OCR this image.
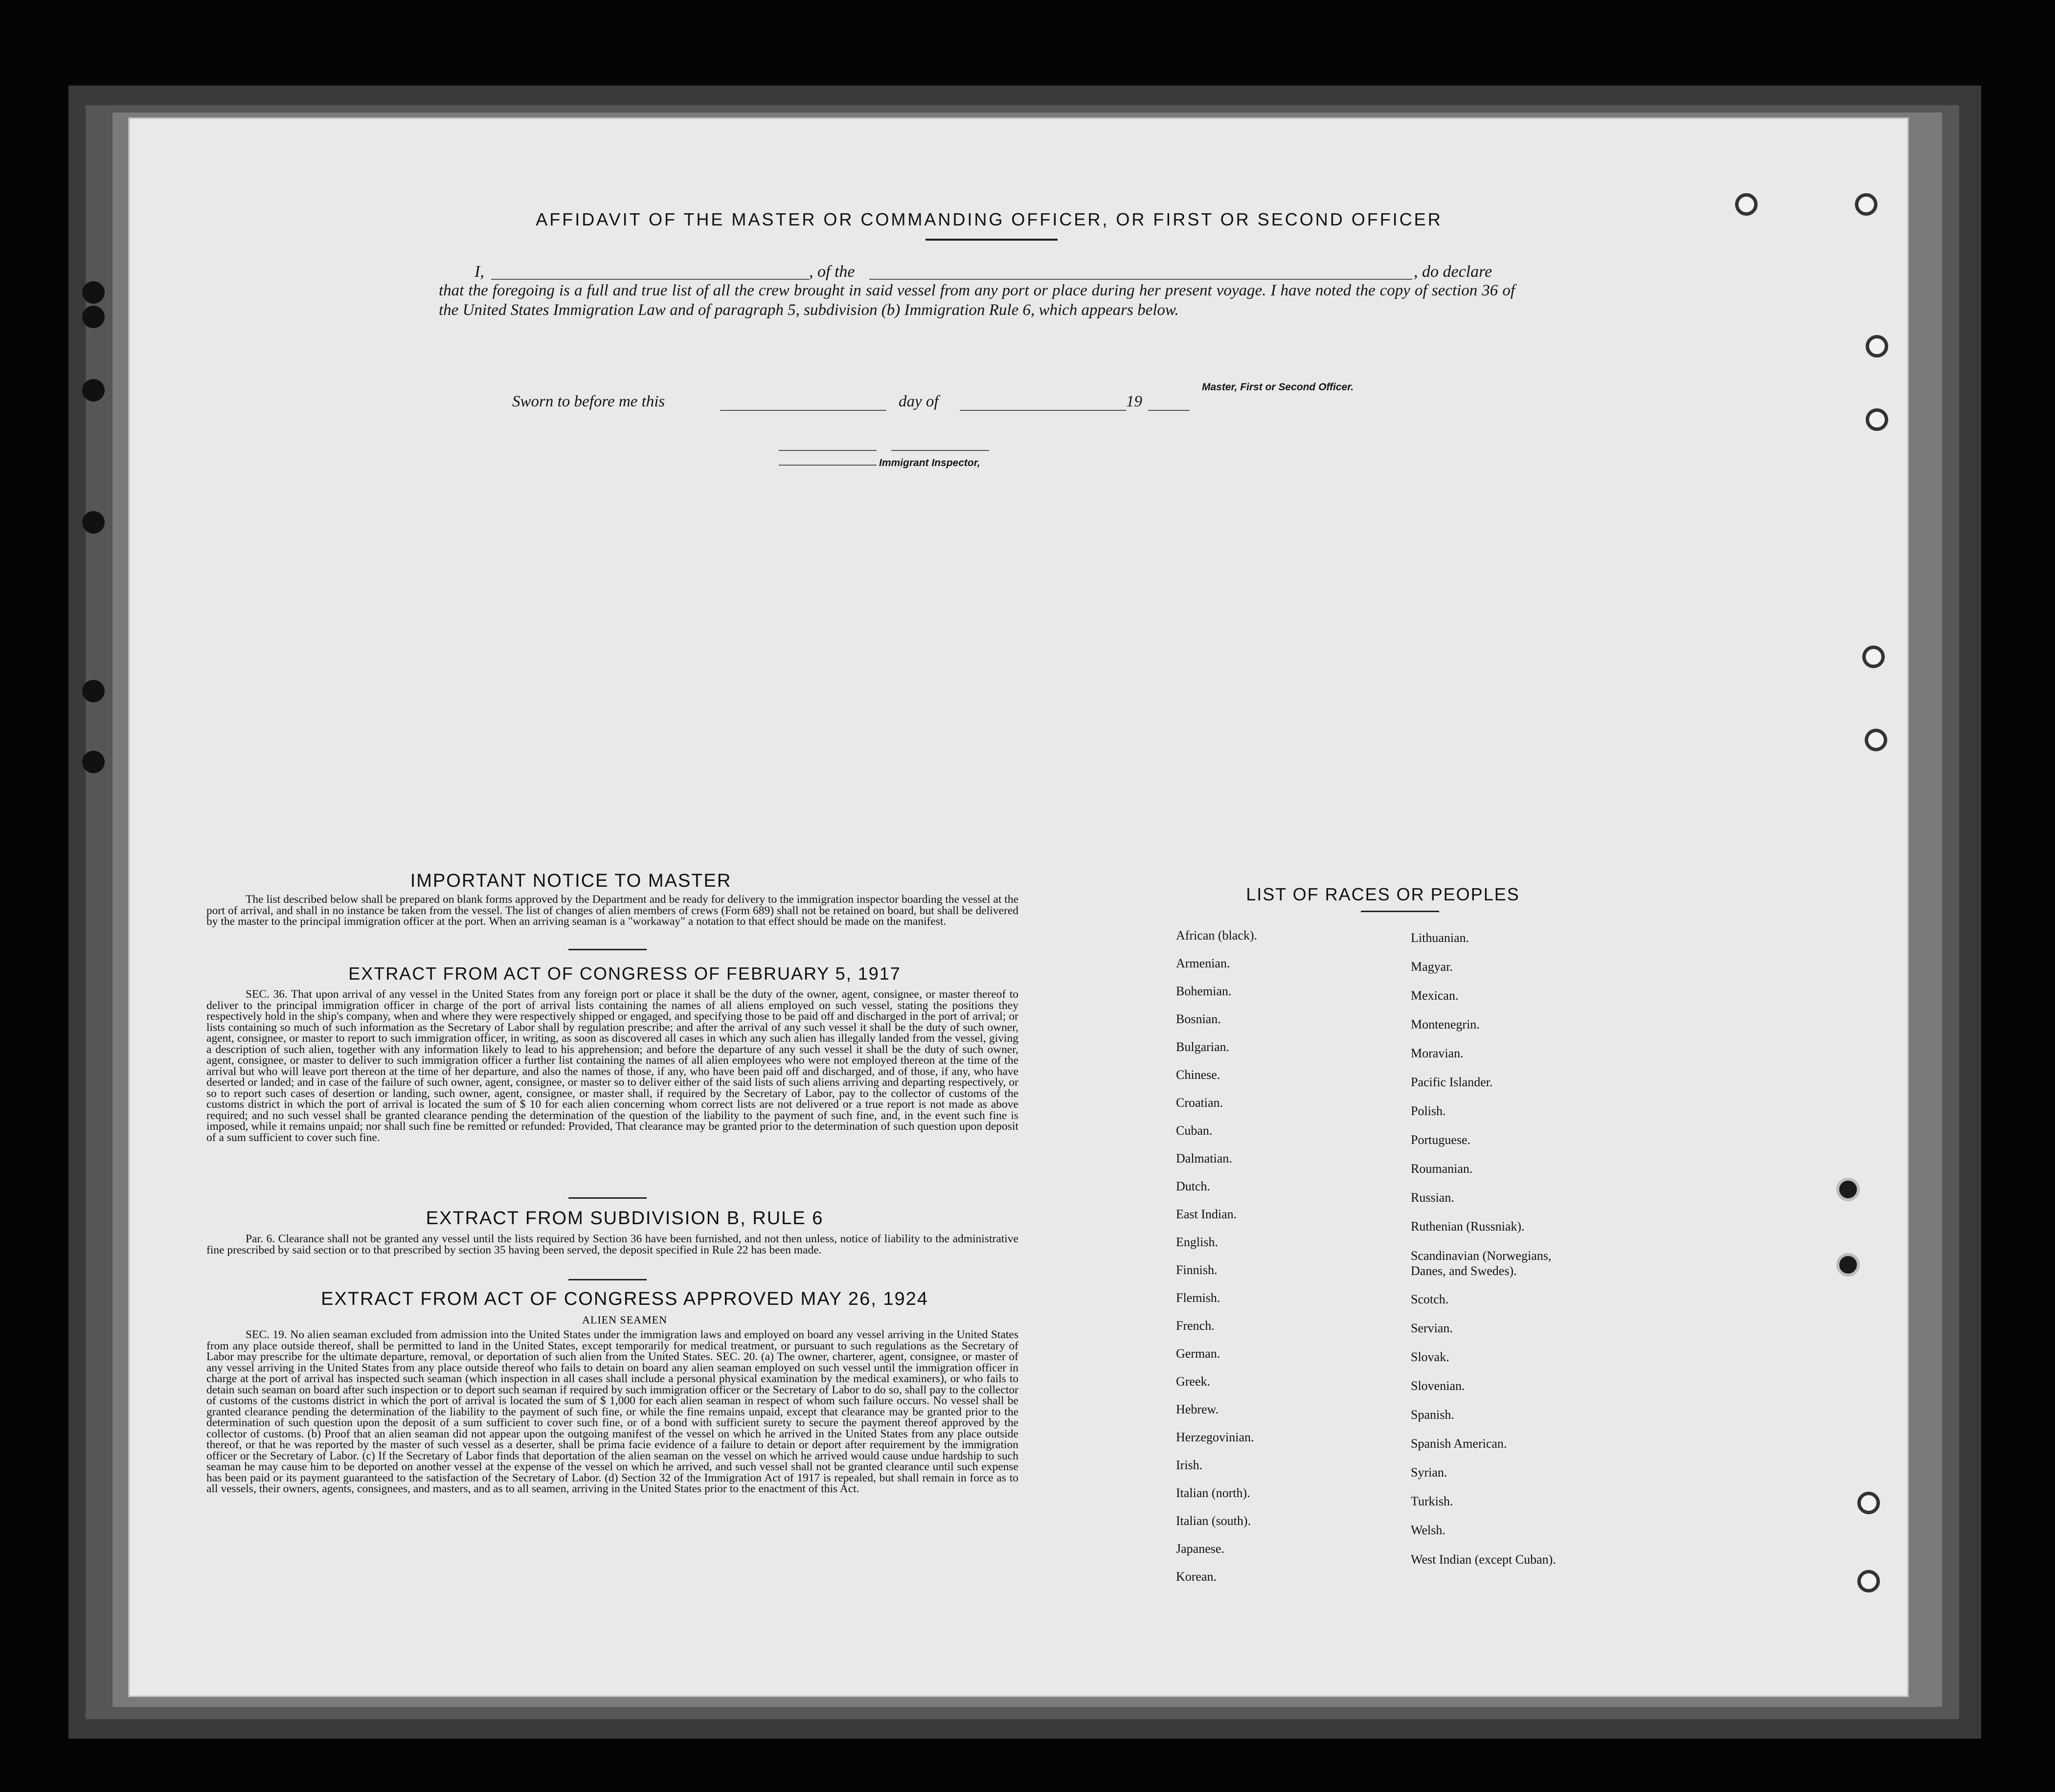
AFFIDAVIT OF THE MASTER OR COMMANDING OFFICER, OR FIRST OR SECOND OFFICER
I,	, of the	, do declare
that the foregoing is a full and true list of all the crew brought in said vessel from any port or place during her present voyage. I have noted the copy of section 36 of the United States Immigration Law and of paragraph 5, subdivision (b) Immigration Rule 6, which appears below.
Master, First or Second Officer.
Sworn to before me this	day of	19
Immigrant Inspector,
IMPORTANT NOTICE TO MASTER
The list described below shall be prepared on blank forms approved by the Department and be ready for delivery to the immigration inspector boarding the vessel at the port of arrival, and shall in no instance be taken from the vessel. The list of changes of alien members of crews (Form 689) shall not be retained on board, but shall be delivered by the master to the principal immigration officer at the port. When an arriving seaman is a "workaway" a notation to that effect should be made on the manifest.
EXTRACT FROM ACT OF CONGRESS OF FEBRUARY 5, 1917
SEC. 36. That upon arrival of any vessel in the United States from any foreign port or place it shall be the duty of the owner, agent, consignee, or master thereof to deliver to the principal immigration officer in charge of the port of arrival lists containing the names of all aliens employed on such vessel, stating the positions they respectively hold in the ship's company, when and where they were respectively shipped or engaged, and specifying those to be paid off and discharged in the port of arrival; or lists containing so much of such information as the Secretary of Labor shall by regulation prescribe; and after the arrival of any such vessel it shall be the duty of such owner, agent, consignee, or master to report to such immigration officer, in writing, as soon as discovered all cases in which any such alien has illegally landed from the vessel, giving a description of such alien, together with any information likely to lead to his apprehension; and before the departure of any such vessel it shall be the duty of such owner, agent, consignee, or master to deliver to such immigration officer a further list containing the names of all alien employees who were not employed thereon at the time of the arrival but who will leave port thereon at the time of her departure, and also the names of those, if any, who have been paid off and discharged, and of those, if any, who have deserted or landed; and in case of the failure of such owner, agent, consignee, or master so to deliver either of the said lists of such aliens arriving and departing respectively, or so to report such cases of desertion or landing, such owner, agent, consignee, or master shall, if required by the Secretary of Labor, pay to the collector of customs of the customs district in which the port of arrival is located the sum of $ 10 for each alien concerning whom correct lists are not delivered or a true report is not made as above required; and no such vessel shall be granted clearance pending the determination of the question of the liability to the payment of such fine, and, in the event such fine is imposed, while it remains unpaid; nor shall such fine be remitted or refunded: Provided, That clearance may be granted prior to the determination of such question upon deposit of a sum sufficient to cover such fine.
EXTRACT FROM SUBDIVISION B, RULE 6
Par. 6. Clearance shall not be granted any vessel until the lists required by Section 36 have been furnished, and not then unless, notice of liability to the administrative fine prescribed by said section or to that prescribed by section 35 having been served, the deposit specified in Rule 22 has been made.
EXTRACT FROM ACT OF CONGRESS APPROVED MAY 26, 1924
ALIEN SEAMEN
SEC. 19. No alien seaman excluded from admission into the United States under the immigration laws and employed on board any vessel arriving in the United States from any place outside thereof, shall be permitted to land in the United States, except temporarily for medical treatment, or pursuant to such regulations as the Secretary of Labor may prescribe for the ultimate departure, removal, or deportation of such alien from the United States. SEC. 20. (a) The owner, charterer, agent, consignee, or master of any vessel arriving in the United States from any place outside thereof who fails to detain on board any alien seaman employed on such vessel until the immigration officer in charge at the port of arrival has inspected such seaman (which inspection in all cases shall include a personal physical examination by the medical examiners), or who fails to detain such seaman on board after such inspection or to deport such seaman if required by such immigration officer or the Secretary of Labor to do so, shall pay to the collector of customs of the customs district in which the port of arrival is located the sum of $ 1,000 for each alien seaman in respect of whom such failure occurs. No vessel shall be granted clearance pending the determination of the liability to the payment of such fine, or while the fine remains unpaid, except that clearance may be granted prior to the determination of such question upon the deposit of a sum sufficient to cover such fine, or of a bond with sufficient surety to secure the payment thereof approved by the collector of customs. (b) Proof that an alien seaman did not appear upon the outgoing manifest of the vessel on which he arrived in the United States from any place outside thereof, or that he was reported by the master of such vessel as a deserter, shall be prima facie evidence of a failure to detain or deport after requirement by the immigration officer or the Secretary of Labor. (c) If the Secretary of Labor finds that deportation of the alien seaman on the vessel on which he arrived would cause undue hardship to such seaman he may cause him to be deported on another vessel at the expense of the vessel on which he arrived, and such vessel shall not be granted clearance until such expense has been paid or its payment guaranteed to the satisfaction of the Secretary of Labor. (d) Section 32 of the Immigration Act of 1917 is repealed, but shall remain in force as to all vessels, their owners, agents, consignees, and masters, and as to all seamen, arriving in the United States prior to the enactment of this Act.
LIST OF RACES OR PEOPLES
African (black).
Armenian.
Bohemian.
Bosnian.
Bulgarian.
Chinese.
Croatian.
Cuban.
Dalmatian.
Dutch.
East Indian.
English.
Finnish.
Flemish.
French.
German.
Greek.
Hebrew.
Herzegovinian.
Irish.
Italian (north).
Italian (south).
Japanese.
Korean.
Lithuanian.
Magyar.
Mexican.
Montenegrin.
Moravian.
Pacific Islander.
Polish.
Portuguese.
Roumanian.
Russian.
Ruthenian (Russniak).
Scandinavian (Norwegians, Danes, and Swedes).
Scotch.
Servian.
Slovak.
Slovenian.
Spanish.
Spanish American.
Syrian.
Turkish.
Welsh.
West Indian (except Cuban).
